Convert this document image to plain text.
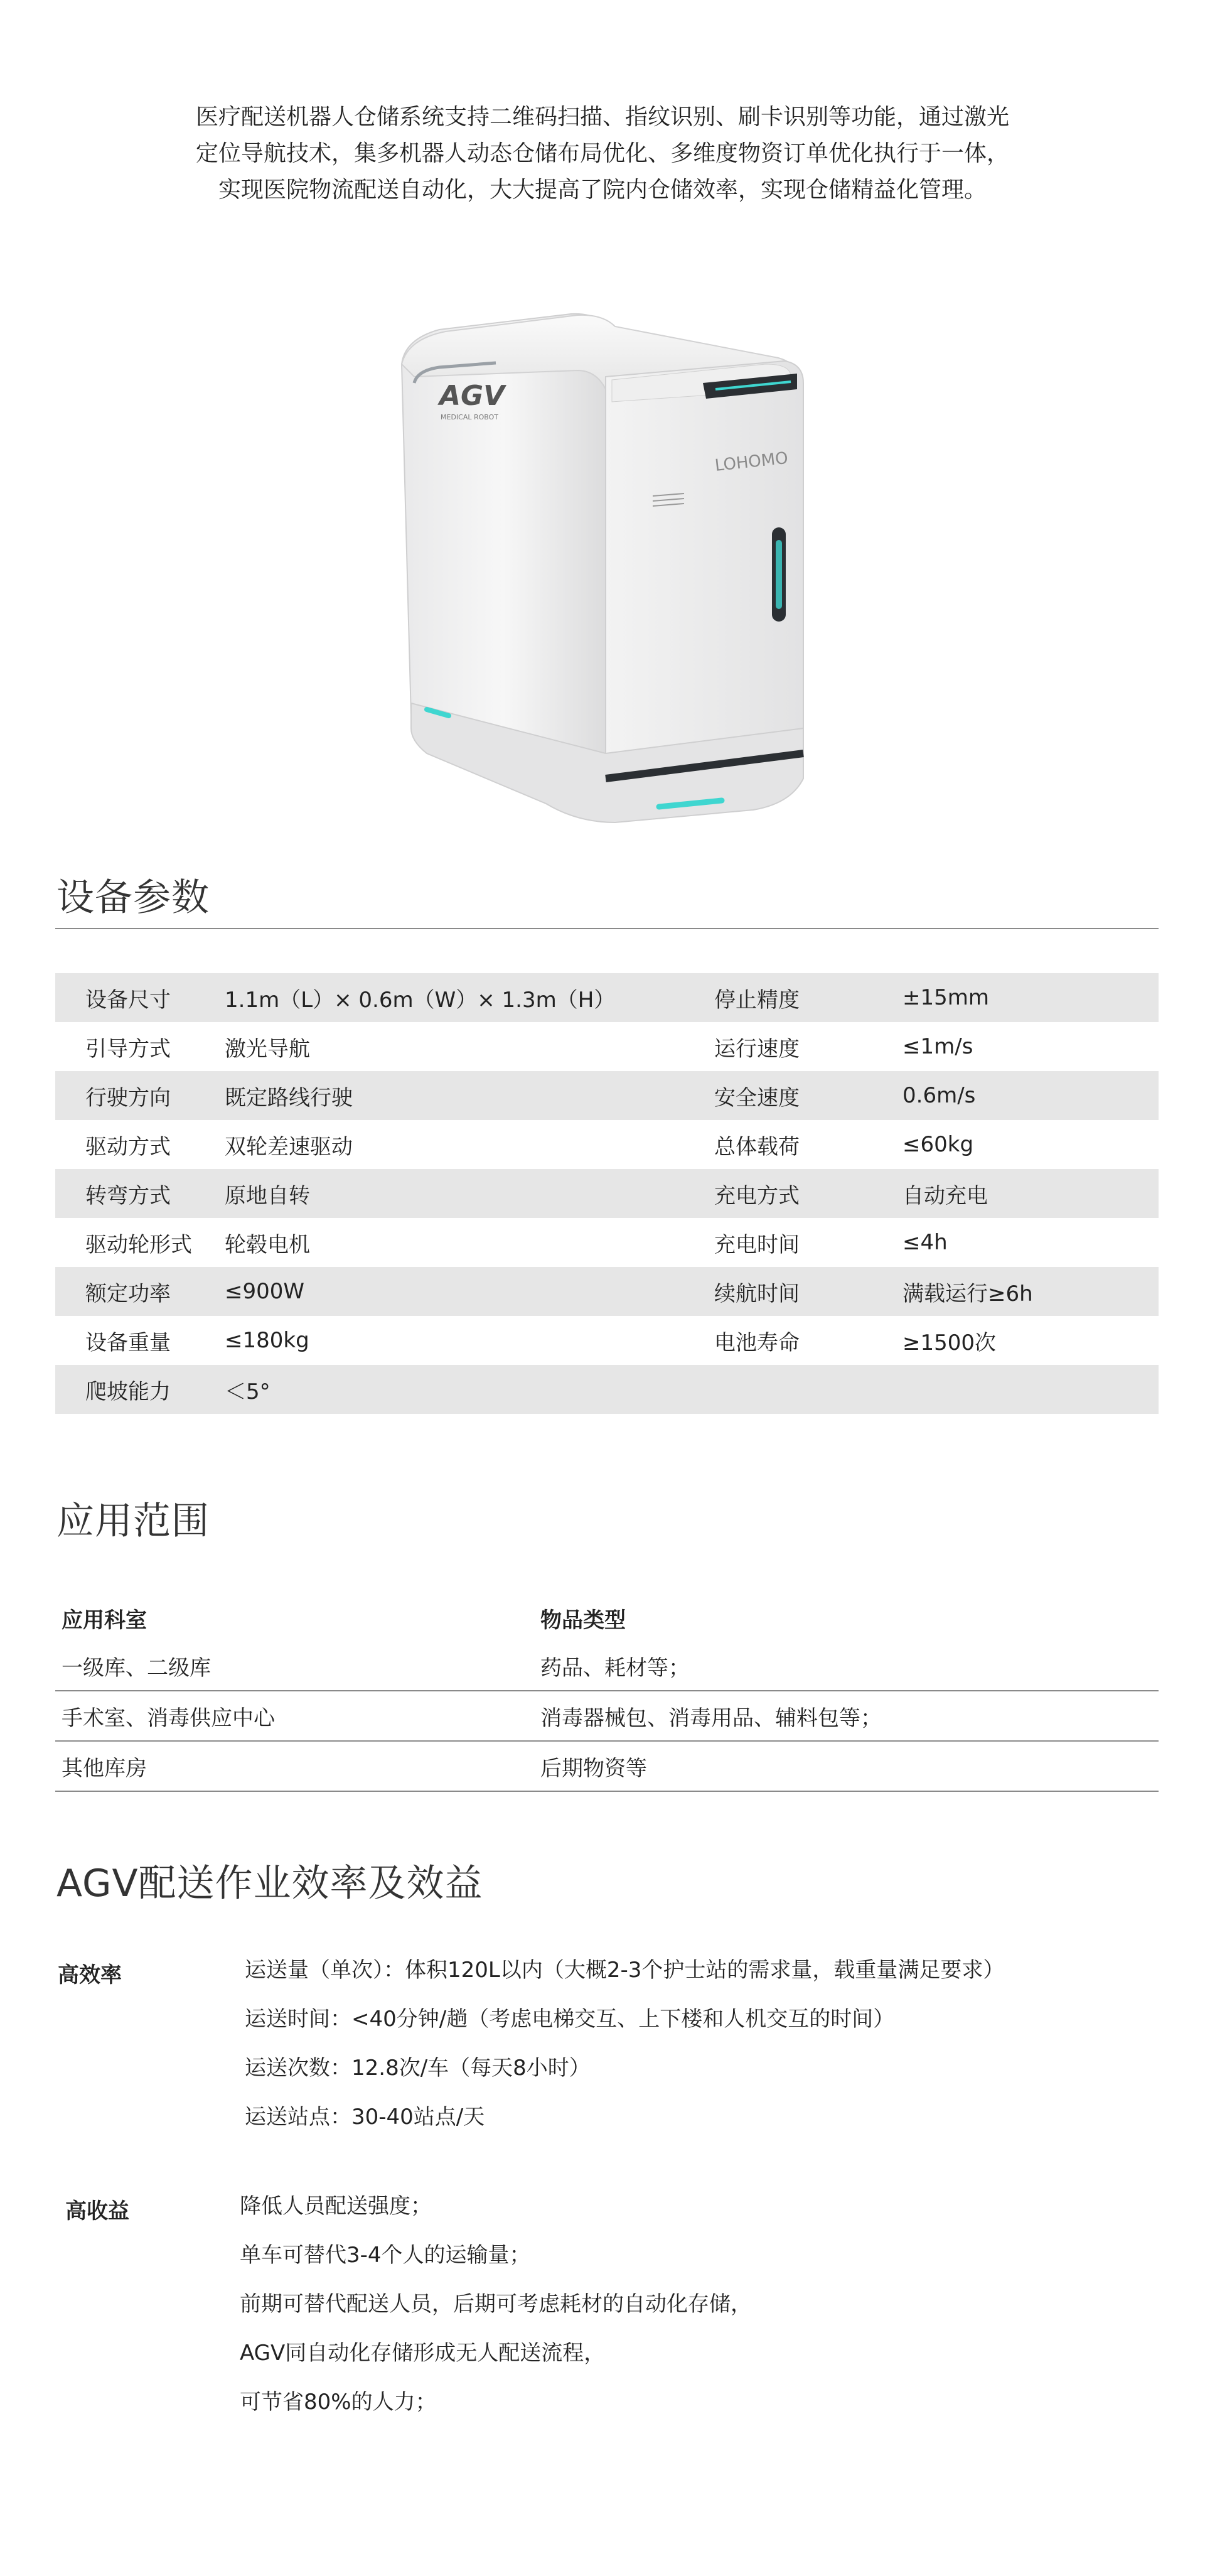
医疗配送机器人仓储系统支持二维码扫描、指纹识别、刷卡识别等功能，通过激光

定位导航技术，集多机器人动态仓储布局优化、多维度物资订单优化执行于一体，

实现医院物流配送自动化，大大提高了院内仓储效率，实现仓储精益化管理。

LOHOMO
AGV
MEDICAL ROBOT
设备参数
设备尺寸	1.1m（L）× 0.6m（W）× 1.3m（H）	停止精度	±15mm
引导方式	激光导航	运行速度	≤1m/s
行驶方向	既定路线行驶	安全速度	0.6m/s
驱动方式	双轮差速驱动	总体载荷	≤60kg
转弯方式	原地自转	充电方式	自动充电
驱动轮形式	轮毂电机	充电时间	≤4h
额定功率	≤900W	续航时间	满载运行≥6h
设备重量	≤180kg	电池寿命	≥1500次
爬坡能力	＜5°		
应用范围
应用科室	物品类型
一级库、二级库	药品、耗材等；
手术室、消毒供应中心	消毒器械包、消毒用品、辅料包等；
其他库房	后期物资等
AGV配送作业效率及效益
高效率	运送量（单次）：体积120L以内（大概2-3个护士站的需求量，载重量满足要求）
运送时间：<40分钟/趟（考虑电梯交互、上下楼和人机交互的时间）
运送次数：12.8次/车（每天8小时）
运送站点：30-40站点/天
高收益	降低人员配送强度；
单车可替代3-4个人的运输量；
前期可替代配送人员，后期可考虑耗材的自动化存储，
AGV同自动化存储形成无人配送流程，
可节省80%的人力；
